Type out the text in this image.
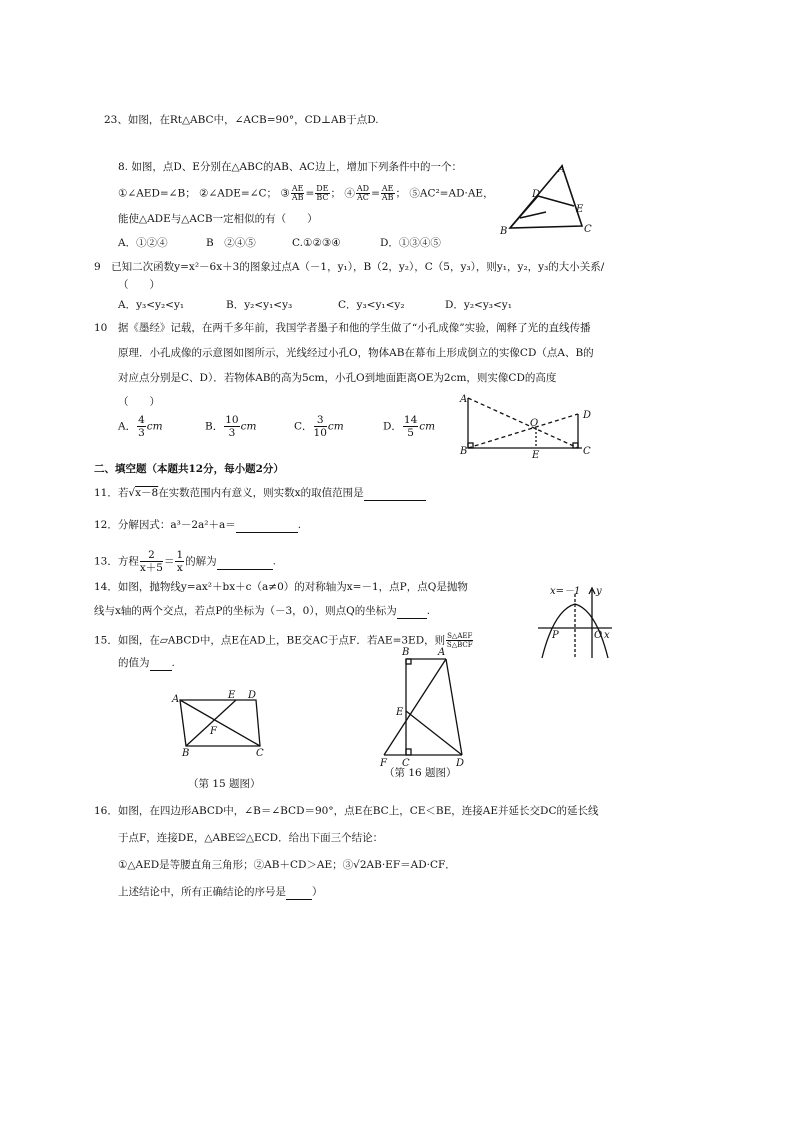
23、如图，在Rt△ABC中，∠ACB=90°，CD⊥AB于点D.
8. 如图，点D、E分别在△ABC的AB、AC边上，增加下列条件中的一个：
①∠AED=∠B； ②∠ADE=∠C； ③ $\frac{AE}{AB} = \frac{DE}{BC}$ ； ④ $\frac{AD}{AC} = \frac{AE}{AB}$ ； ⑤AC²=AD·AE，
能使△ADE与△ACB一定相似的有（　　）
A．①②④	B　②④⑤	C.①②③④	D．①③④⑤
A
D
E
B	C
9　已知二次函数y=x²－6x＋3的图象过点A（－1，y₁），B（2，y₂），C（5，y₃），则y₁，y₂，y₃的大小关系/
（　　）
A．y₃<y₂<y₁	B．y₂<y₁<y₃	C．y₃<y₁<y₂	D．y₂<y₃<y₁
10　据《墨经》记载，在两千多年前，我国学者墨子和他的学生做了“小孔成像”实验，阐释了光的直线传播
原理．小孔成像的示意图如图所示，光线经过小孔O，物体AB在幕布上形成倒立的实像CD（点A、B的
对应点分别是C、D）．若物体AB的高为5cm，小孔O到地面距离OE为2cm，则实像CD的高度
（　　）
A． $\frac{4}{3}$ cm	B． $\frac{10}{3}$ cm	C． $\frac{3}{10}$ cm	D． $\frac{14}{5}$ cm
A
B
D
C
O
E
二、填空题（本题共12分，每小题2分）
11．若√x－8在实数范围内有意义，则实数x的取值范围是
12．分解因式：a³－2a²＋a＝	.
13．方程 $\frac{2}{x+5} = \frac{1}{x}$ 的解为	.
14．如图，抛物线y=ax²＋bx＋c（a≠0）的对称轴为x=－1，点P，点Q是抛物
线与x轴的两个交点，若点P的坐标为（－3，0），则点Q的坐标为	.
x=－1 y
P	O x
15．如图，在▱ABCD中，点E在AD上，BE交AC于点F．若AE=3ED，则 $\frac{\text{S△AEF}}{\text{S△BCF}}$
的值为 .
A	E D
F
B	C
（第 15 题图）
B	A
E
F C	D
（第 16 题图）
16．如图，在四边形ABCD中，∠B＝∠BCD＝90°，点E在BC上，CE＜BE，连接AE并延长交DC的延长线
于点F，连接DE，△ABE≌△ECD．给出下面三个结论：
①△AED是等腰直角三角形；②AB＋CD＞AE；③√2AB·EF＝AD·CF．
上述结论中，所有正确结论的序号是 ）
